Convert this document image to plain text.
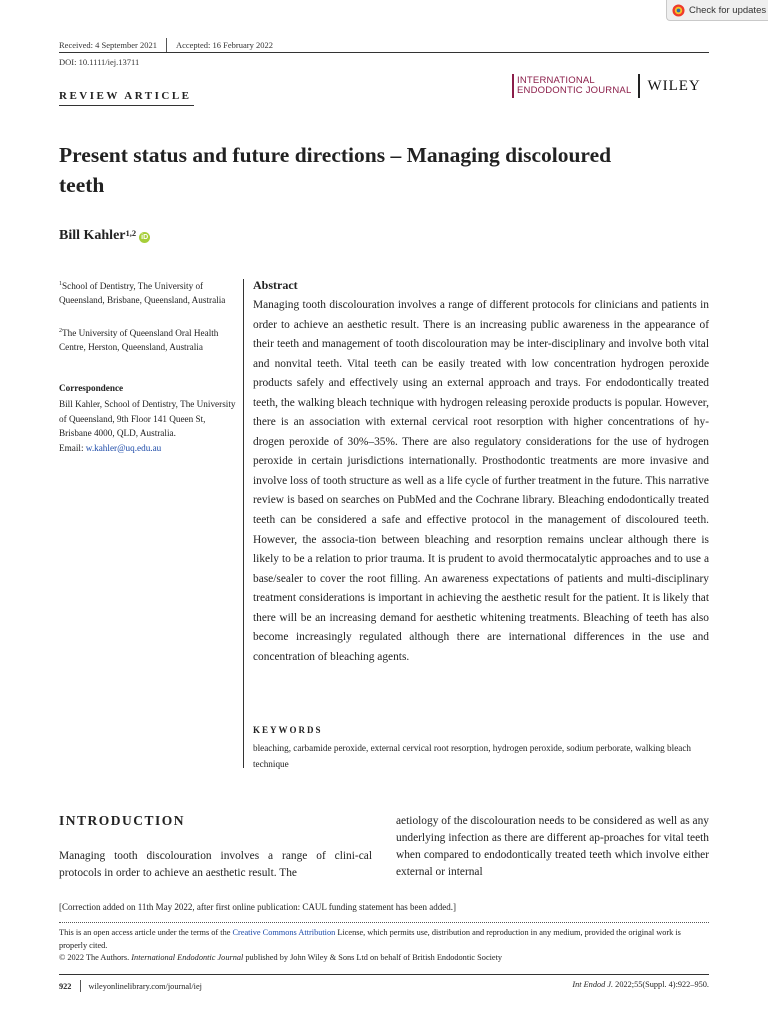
Check for updates
Received: 4 September 2021 Accepted: 16 February 2022
DOI: 10.1111/iej.13711
INTERNATIONAL
ENDODONTIC JOURNAL WILEY
REVIEW ARTICLE
Present status and future directions – Managing discoloured teeth
Bill Kahler$^{1,2}$ iD
$^1$School of Dentistry, The University of Queensland, Brisbane, Queensland, Australia
$^2$The University of Queensland Oral Health Centre, Herston, Queensland, Australia
Correspondence
Bill Kahler, School of Dentistry, The University of Queensland, 9th Floor 141 Queen St, Brisbane 4000, QLD, Australia.
Email: w.kahler@uq.edu.au
Abstract

Managing tooth discolouration involves a range of different protocols for clinicians and patients in order to achieve an aesthetic result. There is an increasing public awareness in the appearance of their teeth and management of tooth discolouration may be inter-disciplinary and involve both vital and nonvital teeth. Vital teeth can be easily treated with low concentration hydrogen peroxide products safely and effectively using an external approach and trays. For endodontically treated teeth, the walking bleach technique with hydrogen releasing peroxide products is popular. However, there is an association with external cervical root resorption with higher concentrations of hy-drogen peroxide of 30%–35%. There are also regulatory considerations for the use of hydrogen peroxide in certain jurisdictions internationally. Prosthodontic treatments are more invasive and involve loss of tooth structure as well as a life cycle of further treatment in the future. This narrative review is based on searches on PubMed and the Cochrane library. Bleaching endodontically treated teeth can be considered a safe and effective protocol in the management of discoloured teeth. However, the associa-tion between bleaching and resorption remains unclear although there is likely to be a relation to prior trauma. It is prudent to avoid thermocatalytic approaches and to use a base/sealer to cover the root filling. An awareness expectations of patients and multi-disciplinary treatment considerations is important in achieving the aesthetic result for the patient. It is likely that there will be an increasing demand for aesthetic whitening treatments. Bleaching of teeth has also become increasingly regulated although there are international differences in the use and concentration of bleaching agents.

KEYWORDS
bleaching, carbamide peroxide, external cervical root resorption, hydrogen peroxide, sodium perborate, walking bleach technique
INTRODUCTION

Managing tooth discolouration involves a range of clini-cal protocols in order to achieve an aesthetic result. The

aetiology of the discolouration needs to be considered as well as any underlying infection as there are different ap-proaches for vital teeth when compared to endodontically treated teeth which involve either external or internal

[Correction added on 11th May 2022, after first online publication: CAUL funding statement has been added.]
This is an open access article under the terms of the Creative Commons Attribution License, which permits use, distribution and reproduction in any medium, provided the original work is properly cited.
© 2022 The Authors. International Endodontic Journal published by John Wiley & Sons Ltd on behalf of British Endodontic Society
922 wileyonlinelibrary.com/journal/iej	Int Endod J. 2022;55(Suppl. 4):922–950.
